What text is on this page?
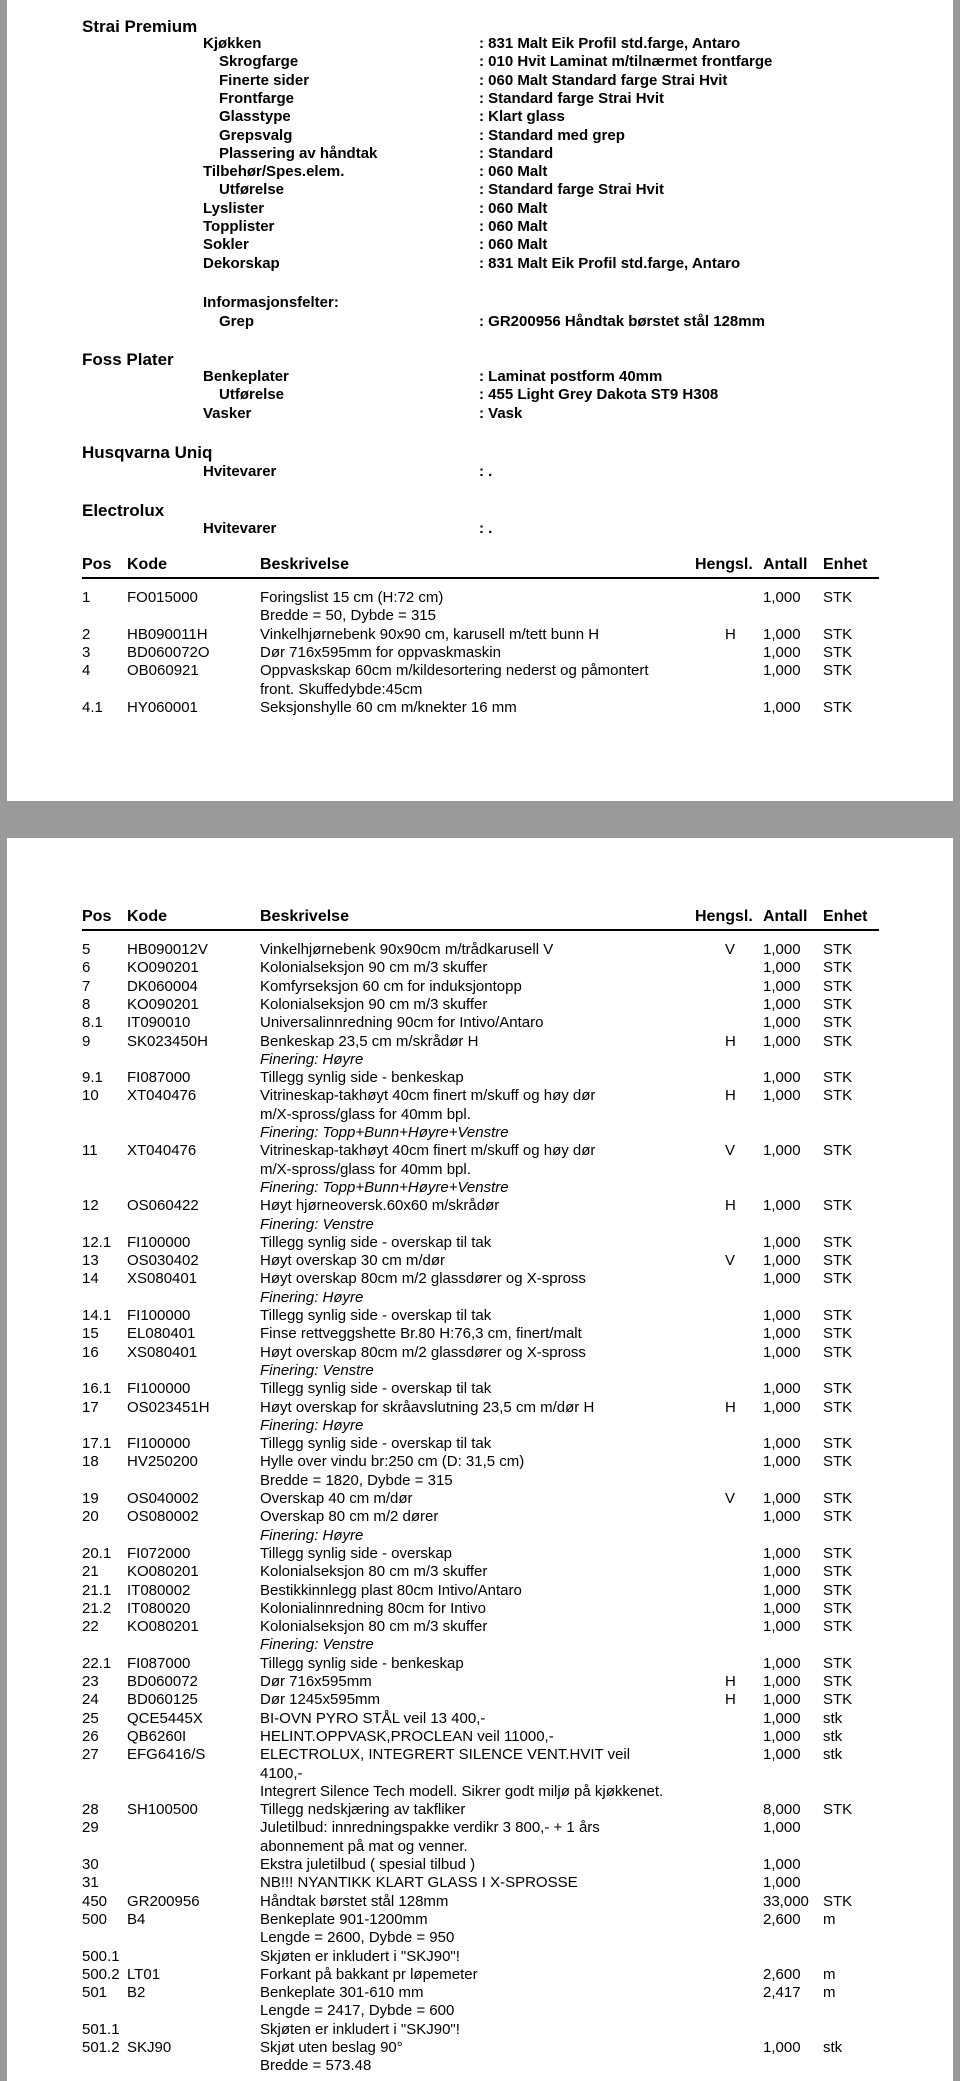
Strai Premium
Kjøkken	: 831 Malt Eik Profil std.farge, Antaro
Skrogfarge	: 010 Hvit Laminat m/tilnærmet frontfarge
Finerte sider	: 060 Malt Standard farge Strai Hvit
Frontfarge	: Standard farge Strai Hvit
Glasstype	: Klart glass
Grepsvalg	: Standard med grep
Plassering av håndtak	: Standard
Tilbehør/Spes.elem.	: 060 Malt
Utførelse	: Standard farge Strai Hvit
Lyslister	: 060 Malt
Topplister	: 060 Malt
Sokler	: 060 Malt
Dekorskap	: 831 Malt Eik Profil std.farge, Antaro
Benkeplater	: Laminat postform 40mm
Utførelse	: 455 Light Grey Dakota ST9 H308
Vasker	: Vask
Foss Plater
Husqvarna Uniq
Hvitevarer	: .
Electrolux
Hvitevarer	: .
Informasjonsfelter:
Grep	: GR200956 Håndtak børstet stål 128mm
Pos Kode	Beskrivelse	Hengsl. Antall Enhet
1 FO015000	Foringslist 15 cm (H:72 cm)	1,000 STK
Bredde = 50, Dybde = 315
2 HB090011H	Vinkelhjørnebenk 90x90 cm, karusell m/tett bunn H	H 1,000 STK
3 BD060072O	Dør 716x595mm for oppvaskmaskin	1,000 STK
4 OB060921	Oppvaskskap 60cm m/kildesortering nederst og påmontert	1,000 STK
front. Skuffedybde:45cm
4.1 HY060001	Seksjonshylle 60 cm m/knekter 16 mm	1,000 STK
Pos Kode	Beskrivelse	Hengsl. Antall Enhet
5 HB090012V	Vinkelhjørnebenk 90x90cm m/trådkarusell V	V 1,000 STK
6 KO090201	Kolonialseksjon 90 cm m/3 skuffer	1,000 STK
7 DK060004	Komfyrseksjon 60 cm for induksjontopp	1,000 STK
8 KO090201	Kolonialseksjon 90 cm m/3 skuffer	1,000 STK
8.1 IT090010	Universalinnredning 90cm for Intivo/Antaro	1,000 STK
9 SK023450H	Benkeskap 23,5 cm m/skrådør H	H 1,000 STK
Finering: Høyre
9.1 FI087000	Tillegg synlig side - benkeskap	1,000 STK
10 XT040476	Vitrineskap-takhøyt 40cm finert m/skuff og høy dør	H 1,000 STK
m/X-spross/glass for 40mm bpl.
Finering: Topp+Bunn+Høyre+Venstre
11 XT040476	Vitrineskap-takhøyt 40cm finert m/skuff og høy dør	V 1,000 STK
m/X-spross/glass for 40mm bpl.
Finering: Topp+Bunn+Høyre+Venstre
12 OS060422	Høyt hjørneoversk.60x60 m/skrådør	H 1,000 STK
Finering: Venstre
12.1 FI100000	Tillegg synlig side - overskap til tak	1,000 STK
13 OS030402	Høyt overskap 30 cm m/dør	V 1,000 STK
14 XS080401	Høyt overskap 80cm m/2 glassdører og X-spross	1,000 STK
Finering: Høyre
14.1 FI100000	Tillegg synlig side - overskap til tak	1,000 STK
15 EL080401	Finse rettveggshette Br.80 H:76,3 cm, finert/malt	1,000 STK
16 XS080401	Høyt overskap 80cm m/2 glassdører og X-spross	1,000 STK
Finering: Venstre
16.1 FI100000	Tillegg synlig side - overskap til tak	1,000 STK
17 OS023451H	Høyt overskap for skråavslutning 23,5 cm m/dør H	H 1,000 STK
Finering: Høyre
17.1 FI100000	Tillegg synlig side - overskap til tak	1,000 STK
18 HV250200	Hylle over vindu br:250 cm (D: 31,5 cm)	1,000 STK
Bredde = 1820, Dybde = 315
19 OS040002	Overskap 40 cm m/dør	V 1,000 STK
20 OS080002	Overskap 80 cm m/2 dører	1,000 STK
Finering: Høyre
20.1 FI072000	Tillegg synlig side - overskap	1,000 STK
21 KO080201	Kolonialseksjon 80 cm m/3 skuffer	1,000 STK
21.1 IT080002	Bestikkinnlegg plast 80cm Intivo/Antaro	1,000 STK
21.2 IT080020	Kolonialinnredning 80cm for Intivo	1,000 STK
22 KO080201	Kolonialseksjon 80 cm m/3 skuffer	1,000 STK
Finering: Venstre
22.1 FI087000	Tillegg synlig side - benkeskap	1,000 STK
23 BD060072	Dør 716x595mm	H 1,000 STK
24 BD060125	Dør 1245x595mm	H 1,000 STK
25 QCE5445X	BI-OVN PYRO STÅL veil 13 400,-	1,000 stk
26 QB6260I	HELINT.OPPVASK,PROCLEAN veil 11000,-	1,000 stk
27 EFG6416/S	ELECTROLUX, INTEGRERT SILENCE VENT.HVIT veil	1,000 stk
4100,-
Integrert Silence Tech modell. Sikrer godt miljø på kjøkkenet.
28 SH100500	Tillegg nedskjæring av takfliker	8,000 STK
29	Juletilbud: innredningspakke verdikr 3 800,- + 1 års	1,000
abonnement på mat og venner.
30	Ekstra juletilbud ( spesial tilbud )	1,000
31	NB!!! NYANTIKK KLART GLASS I X-SPROSSE	1,000
450 GR200956	Håndtak børstet stål 128mm	33,000 STK
500 B4	Benkeplate 901-1200mm	2,600 m
Lengde = 2600, Dybde = 950
500.1	Skjøten er inkludert i "SKJ90"!
500.2 LT01	Forkant på bakkant pr løpemeter	2,600 m
501 B2	Benkeplate 301-610 mm	2,417 m
Lengde = 2417, Dybde = 600
501.1	Skjøten er inkludert i "SKJ90"!
501.2 SKJ90	Skjøt uten beslag 90°	1,000 stk
Bredde = 573.48
